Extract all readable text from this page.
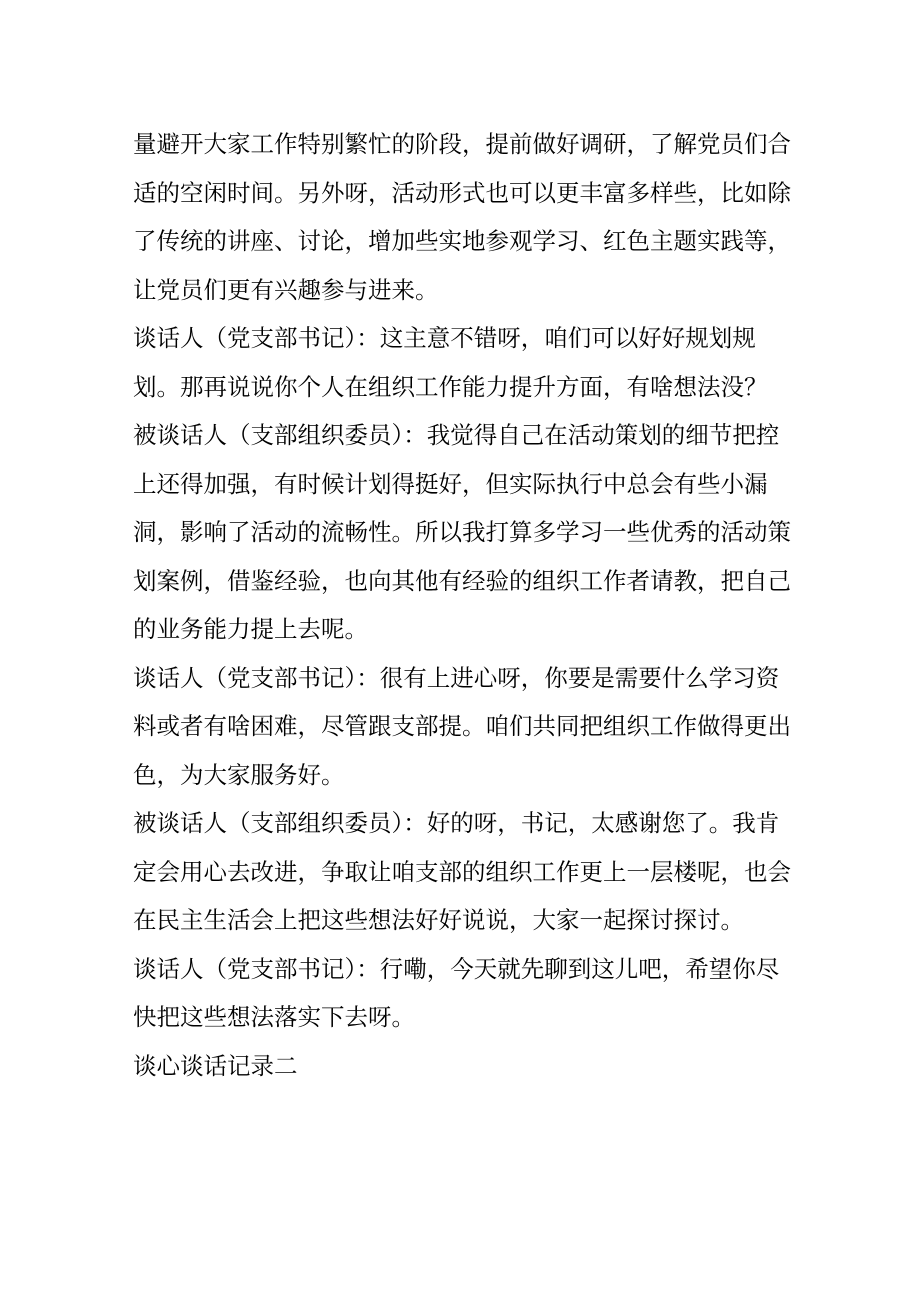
量避开大家工作特别繁忙的阶段，提前做好调研，了解党员们合
适的空闲时间。另外呀，活动形式也可以更丰富多样些，比如除
了传统的讲座、讨论，增加些实地参观学习、红色主题实践等，
让党员们更有兴趣参与进来。
谈话人（党支部书记）：这主意不错呀，咱们可以好好规划规
划。那再说说你个人在组织工作能力提升方面，有啥想法没？
被谈话人（支部组织委员）：我觉得自己在活动策划的细节把控
上还得加强，有时候计划得挺好，但实际执行中总会有些小漏
洞，影响了活动的流畅性。所以我打算多学习一些优秀的活动策
划案例，借鉴经验，也向其他有经验的组织工作者请教，把自己
的业务能力提上去呢。
谈话人（党支部书记）：很有上进心呀，你要是需要什么学习资
料或者有啥困难，尽管跟支部提。咱们共同把组织工作做得更出
色，为大家服务好。
被谈话人（支部组织委员）：好的呀，书记，太感谢您了。我肯
定会用心去改进，争取让咱支部的组织工作更上一层楼呢，也会
在民主生活会上把这些想法好好说说，大家一起探讨探讨。
谈话人（党支部书记）：行嘞，今天就先聊到这儿吧，希望你尽
快把这些想法落实下去呀。
谈心谈话记录二
